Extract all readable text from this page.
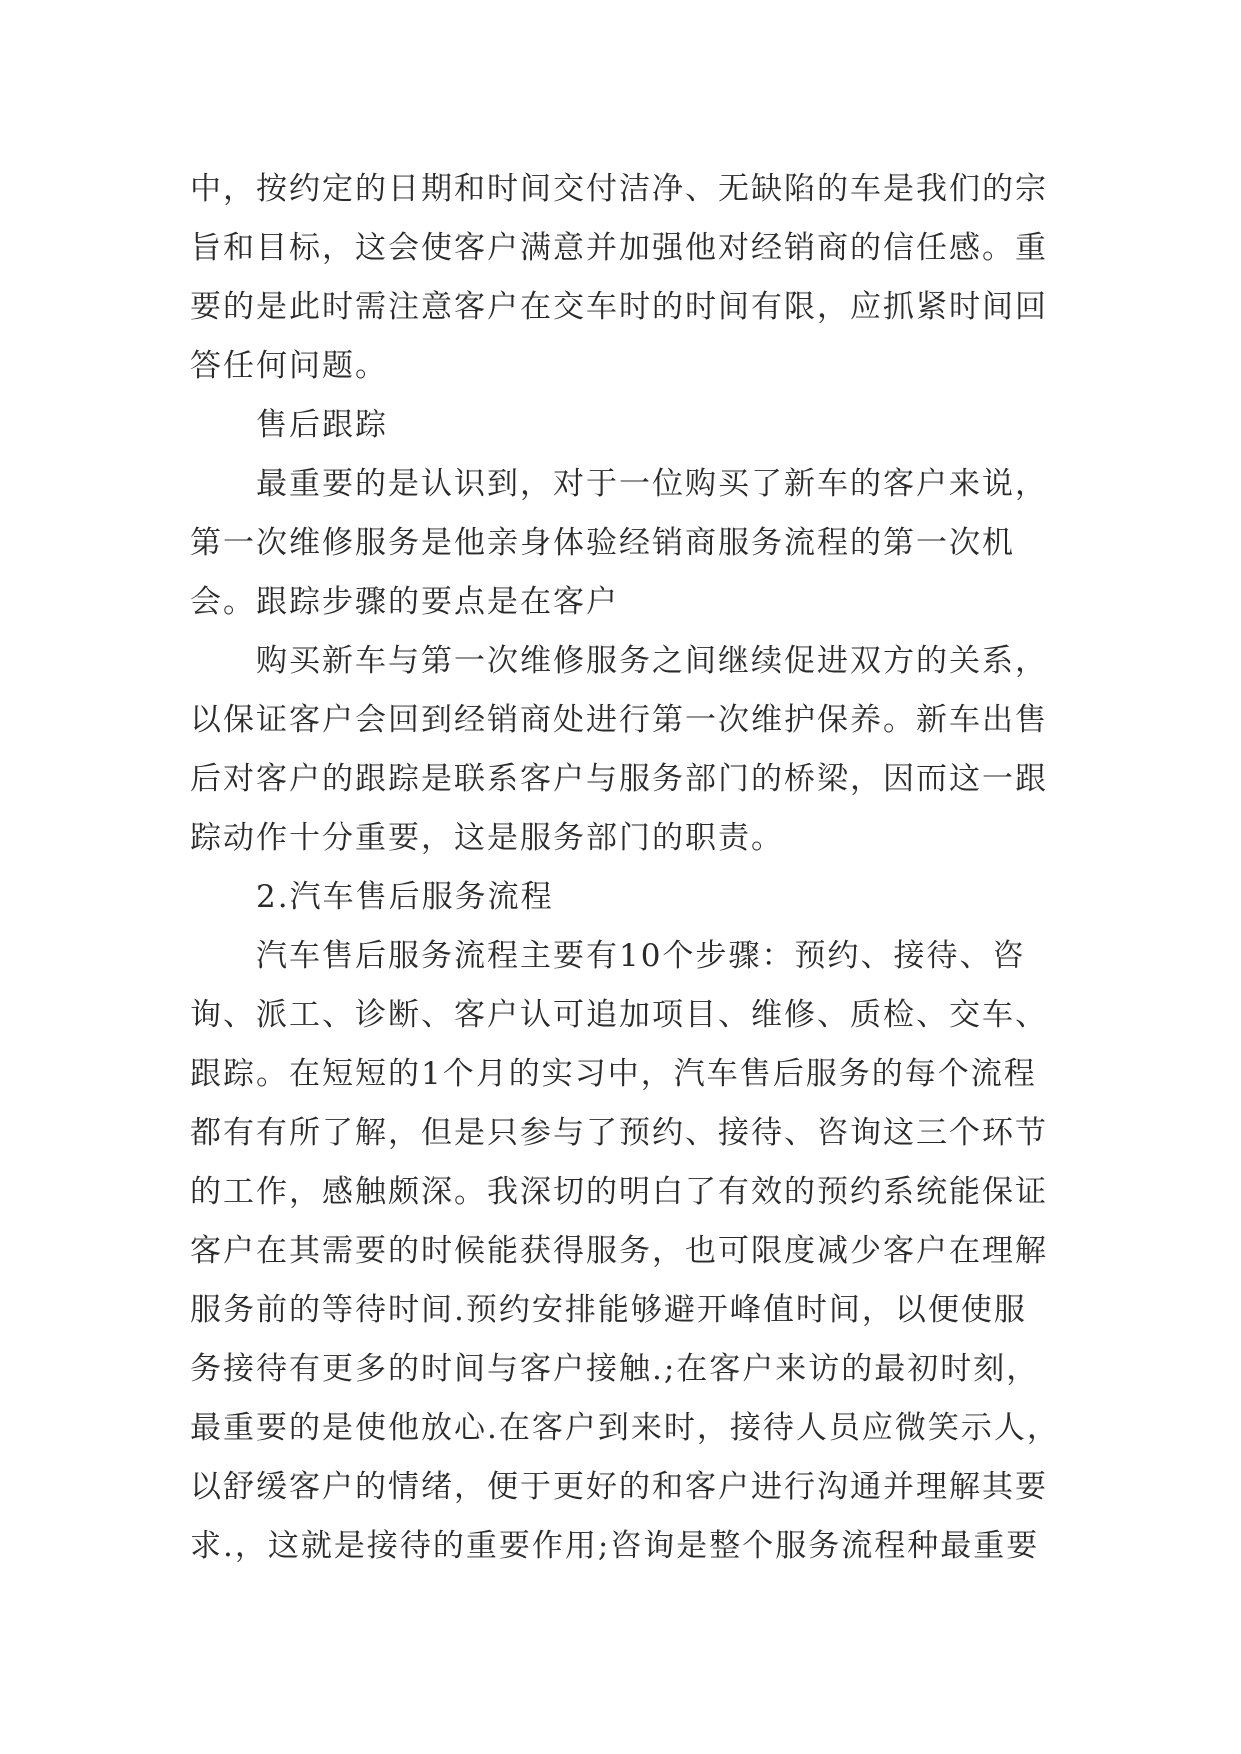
中，按约定的日期和时间交付洁净、无缺陷的车是我们的宗
旨和目标，这会使客户满意并加强他对经销商的信任感。重
要的是此时需注意客户在交车时的时间有限，应抓紧时间回
答任何问题。
售后跟踪
最重要的是认识到，对于一位购买了新车的客户来说，
第一次维修服务是他亲身体验经销商服务流程的第一次机
会。跟踪步骤的要点是在客户
购买新车与第一次维修服务之间继续促进双方的关系，
以保证客户会回到经销商处进行第一次维护保养。新车出售
后对客户的跟踪是联系客户与服务部门的桥梁，因而这一跟
踪动作十分重要，这是服务部门的职责。
2.汽车售后服务流程
汽车售后服务流程主要有10个步骤：预约、接待、咨
询、派工、诊断、客户认可追加项目、维修、质检、交车、
跟踪。在短短的1个月的实习中，汽车售后服务的每个流程
都有有所了解，但是只参与了预约、接待、咨询这三个环节
的工作，感触颇深。我深切的明白了有效的预约系统能保证
客户在其需要的时候能获得服务，也可限度减少客户在理解
服务前的等待时间.预约安排能够避开峰值时间，以便使服
务接待有更多的时间与客户接触.;在客户来访的最初时刻，
最重要的是使他放心.在客户到来时，接待人员应微笑示人，
以舒缓客户的情绪，便于更好的和客户进行沟通并理解其要
求.，这就是接待的重要作用;咨询是整个服务流程种最重要
